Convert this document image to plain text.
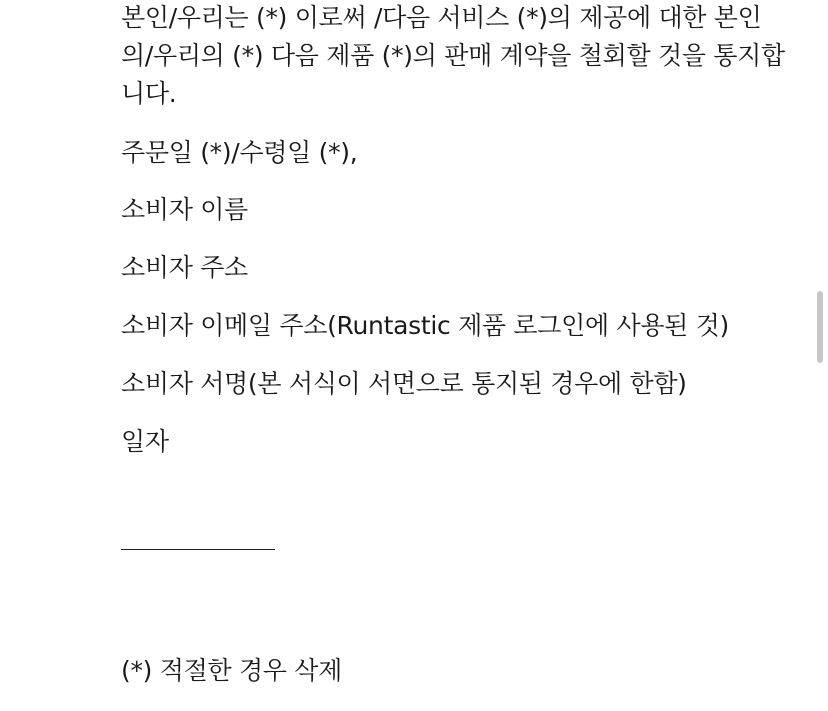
본인/우리는 (*) 이로써 /다음 서비스 (*)의 제공에 대한 본인의/우리의 (*) 다음 제품 (*)의 판매 계약을 철회할 것을 통지합니다.

주문일 (*)/수령일 (*),

소비자 이름

소비자 주소

소비자 이메일 주소(Runtastic 제품 로그인에 사용된 것)

소비자 서명(본 서식이 서면으로 통지된 경우에 한함)

일자

(*) 적절한 경우 삭제
